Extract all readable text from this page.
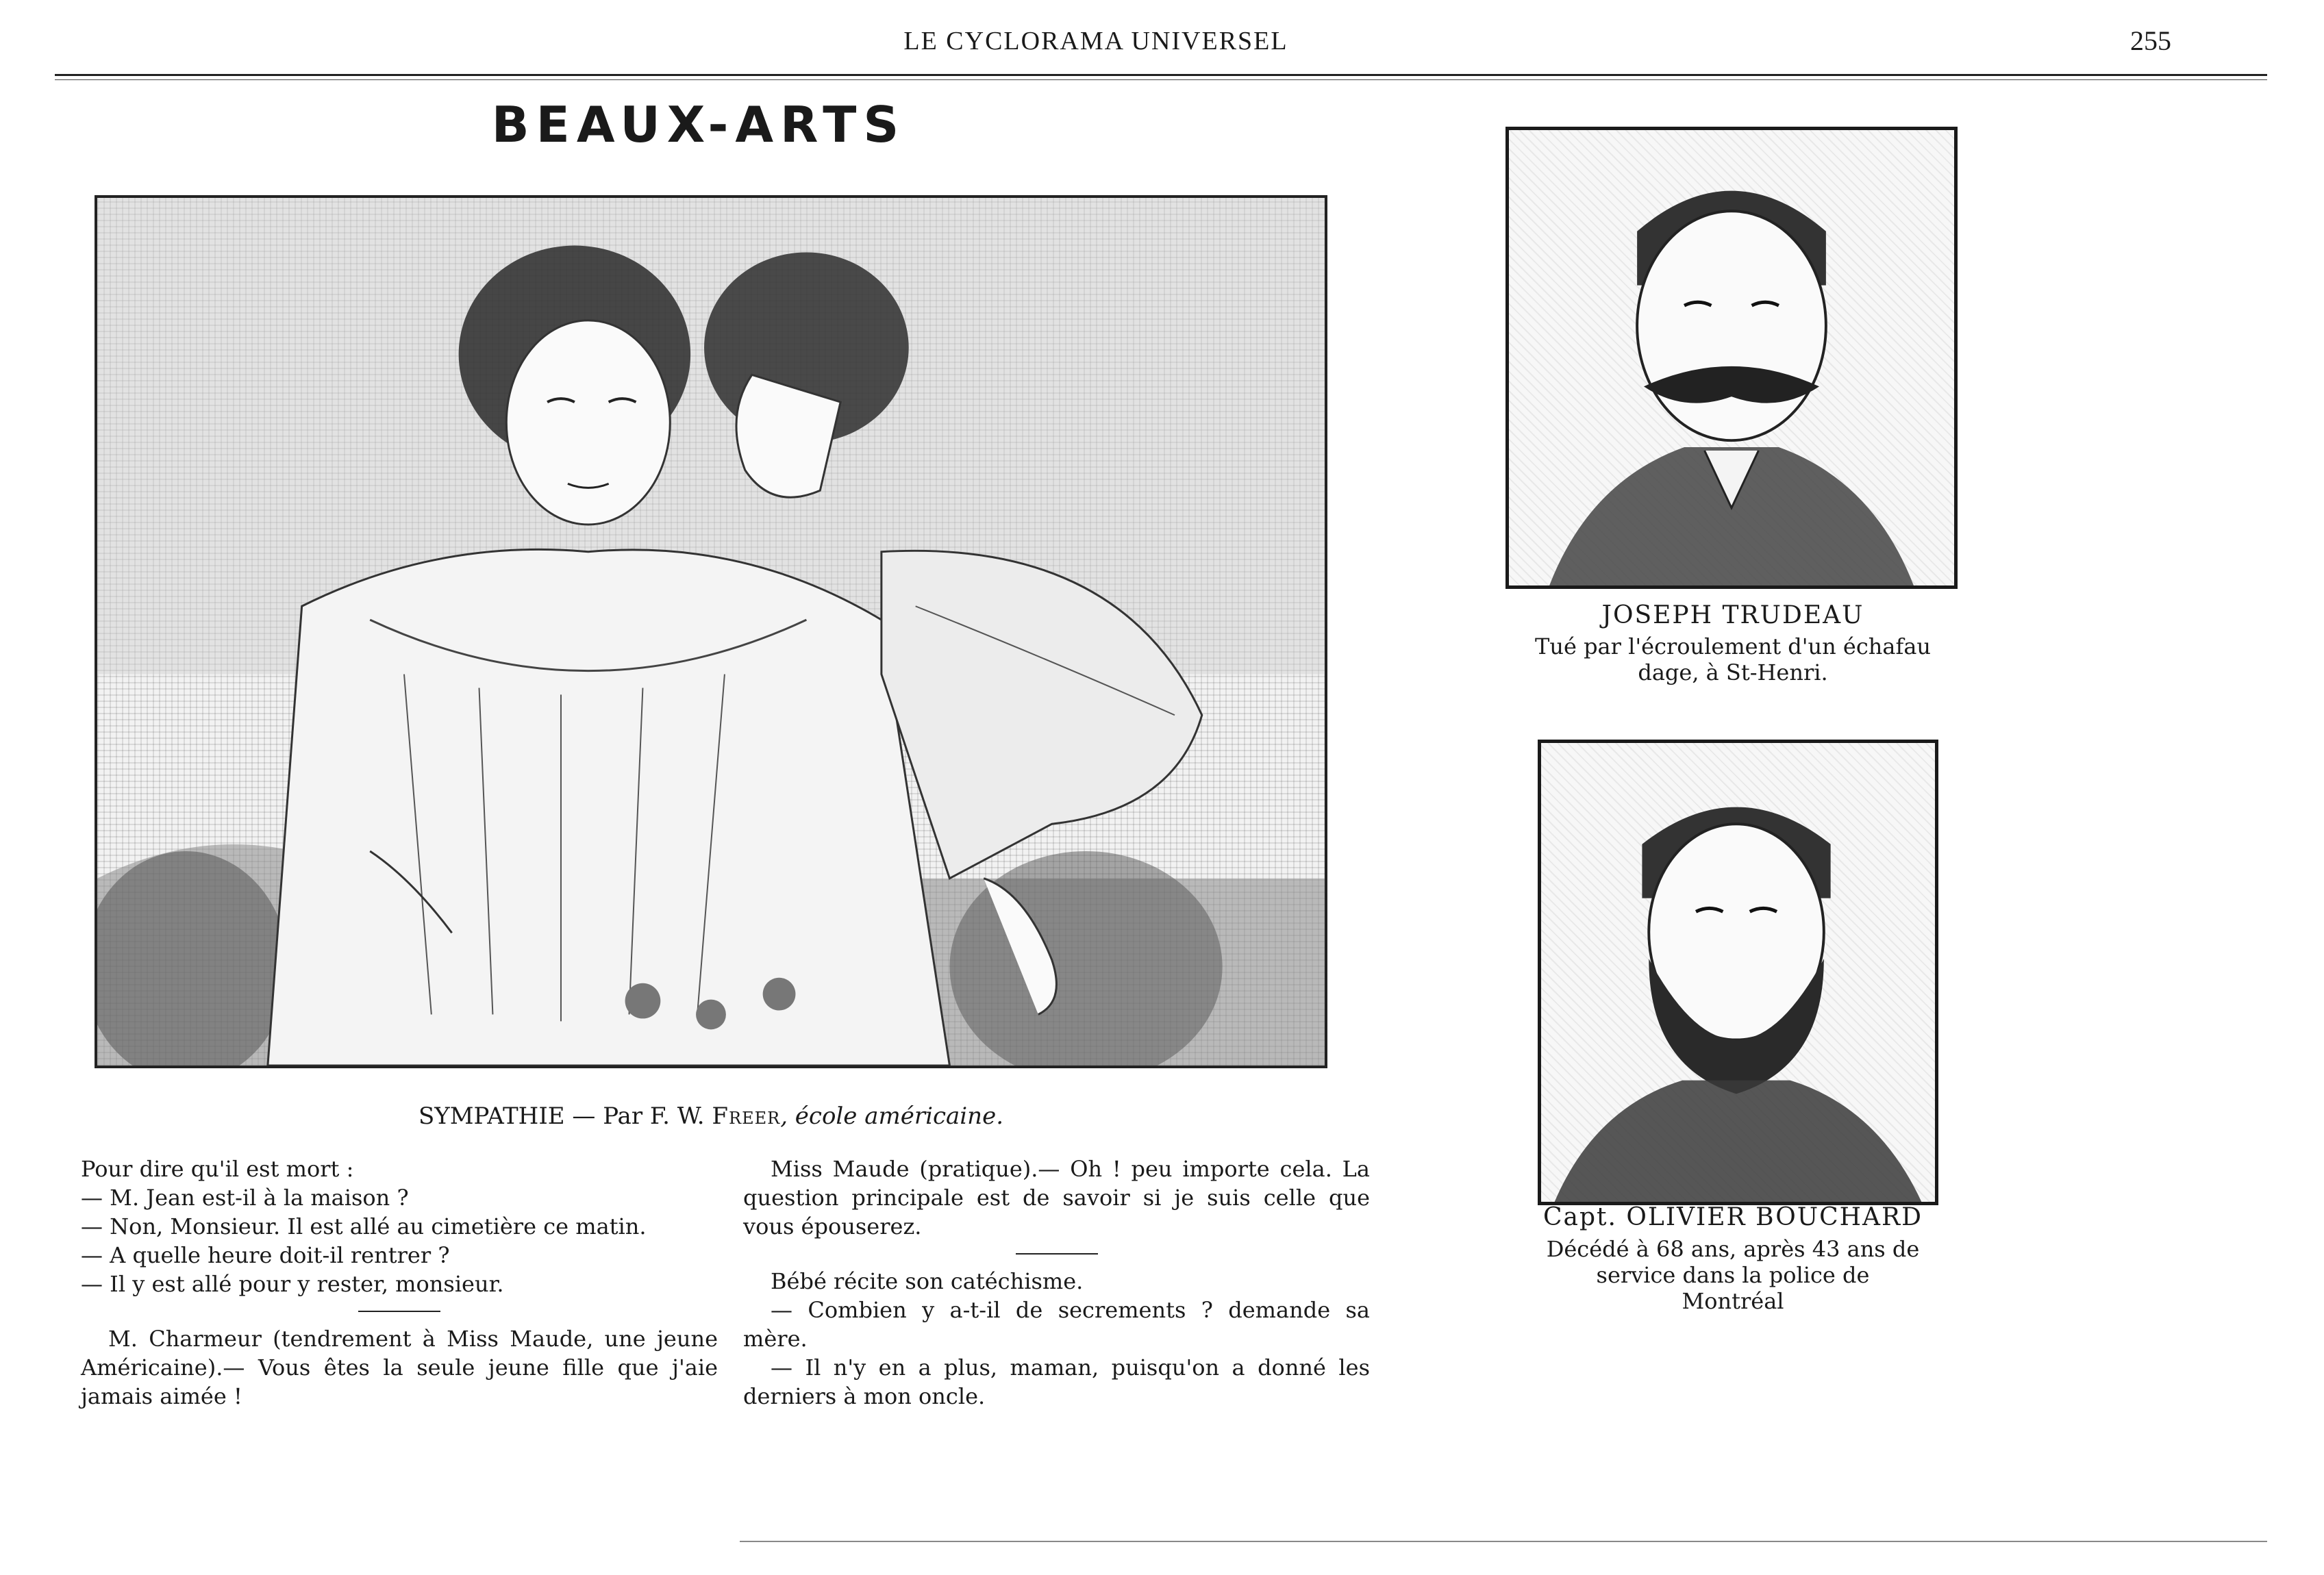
LE CYCLORAMA UNIVERSEL	255
BEAUX-ARTS
SYMPATHIE — Par F. W. Freer, école américaine.

Pour dire qu'il est mort :

— M. Jean est-il à la maison ?

— Non, Monsieur. Il est allé au cimetière ce matin.

— A quelle heure doit-il rentrer ?

— Il y est allé pour y rester, monsieur.

M. Charmeur (tendrement à Miss Maude, une jeune Américaine).— Vous êtes la seule jeune fille que j'aie jamais aimée !

Miss Maude (pratique).— Oh ! peu importe cela. La question principale est de savoir si je suis celle que vous épouserez.

Bébé récite son catéchisme.

— Combien y a-t-il de secrements ? demande sa mère.

— Il n'y en a plus, maman, puisqu'on a donné les derniers à mon oncle.

JOSEPH TRUDEAU
Tué par l'écroulement d'un échafau
dage, à St-Henri.
Capt. OLIVIER BOUCHARD
Décédé à 68 ans, après 43 ans de
service dans la police de
Montréal
